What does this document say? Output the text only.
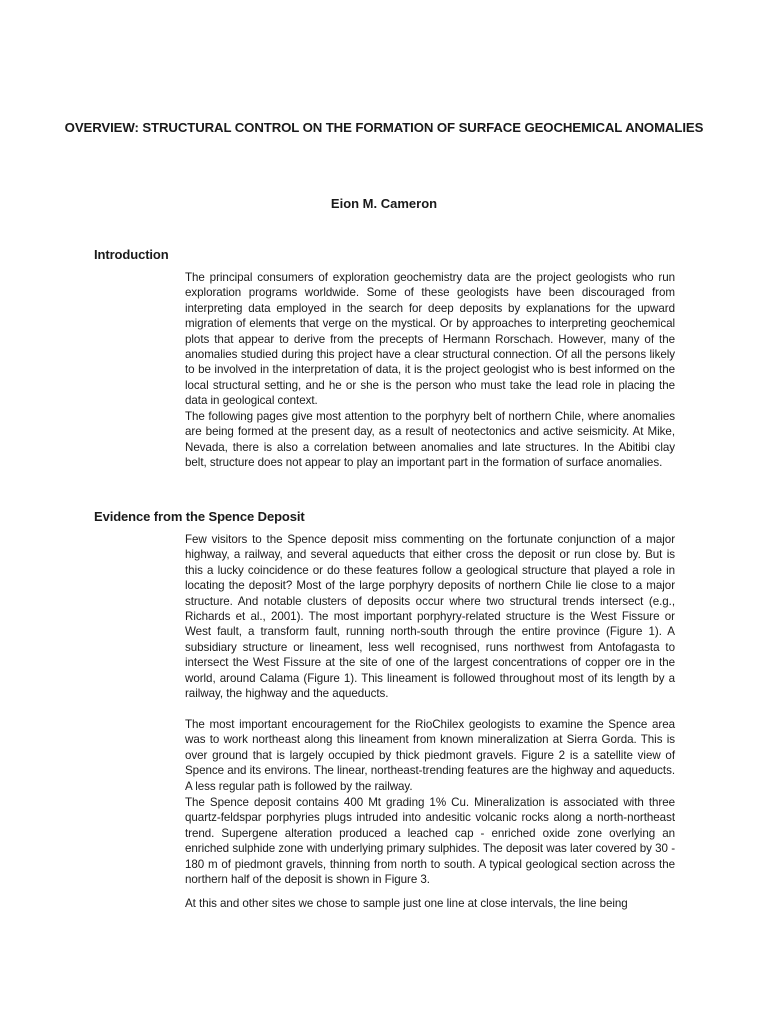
OVERVIEW: STRUCTURAL CONTROL ON THE FORMATION OF SURFACE GEOCHEMICAL ANOMALIES
Eion M. Cameron
Introduction

The principal consumers of exploration geochemistry data are the project geologists who run exploration programs worldwide. Some of these geologists have been discouraged from interpreting data employed in the search for deep deposits by explanations for the upward migration of elements that verge on the mystical. Or by approaches to interpreting geochemical plots that appear to derive from the precepts of Hermann Rorschach. However, many of the anomalies studied during this project have a clear structural connection. Of all the persons likely to be involved in the interpretation of data, it is the project geologist who is best informed on the local structural setting, and he or she is the person who must take the lead role in placing the data in geological context.

The following pages give most attention to the porphyry belt of northern Chile, where anomalies are being formed at the present day, as a result of neotectonics and active seismicity. At Mike, Nevada, there is also a correlation between anomalies and late structures. In the Abitibi clay belt, structure does not appear to play an important part in the formation of surface anomalies.

Evidence from the Spence Deposit

Few visitors to the Spence deposit miss commenting on the fortunate conjunction of a major highway, a railway, and several aqueducts that either cross the deposit or run close by. But is this a lucky coincidence or do these features follow a geological structure that played a role in locating the deposit? Most of the large porphyry deposits of northern Chile lie close to a major structure. And notable clusters of deposits occur where two structural trends intersect (e.g., Richards et al., 2001). The most important porphyry-related structure is the West Fissure or West fault, a transform fault, running north-south through the entire province (Figure 1). A subsidiary structure or lineament, less well recognised, runs northwest from Antofagasta to intersect the West Fissure at the site of one of the largest concentrations of copper ore in the world, around Calama (Figure 1). This lineament is followed throughout most of its length by a railway, the highway and the aqueducts.

The most important encouragement for the RioChilex geologists to examine the Spence area was to work northeast along this lineament from known mineralization at Sierra Gorda. This is over ground that is largely occupied by thick piedmont gravels. Figure 2 is a satellite view of Spence and its environs. The linear, northeast-trending features are the highway and aqueducts. A less regular path is followed by the railway.

The Spence deposit contains 400 Mt grading 1% Cu. Mineralization is associated with three quartz-feldspar porphyries plugs intruded into andesitic volcanic rocks along a north-northeast trend. Supergene alteration produced a leached cap - enriched oxide zone overlying an enriched sulphide zone with underlying primary sulphides. The deposit was later covered by 30 - 180 m of piedmont gravels, thinning from north to south. A typical geological section across the northern half of the deposit is shown in Figure 3.

At this and other sites we chose to sample just one line at close intervals, the line being
